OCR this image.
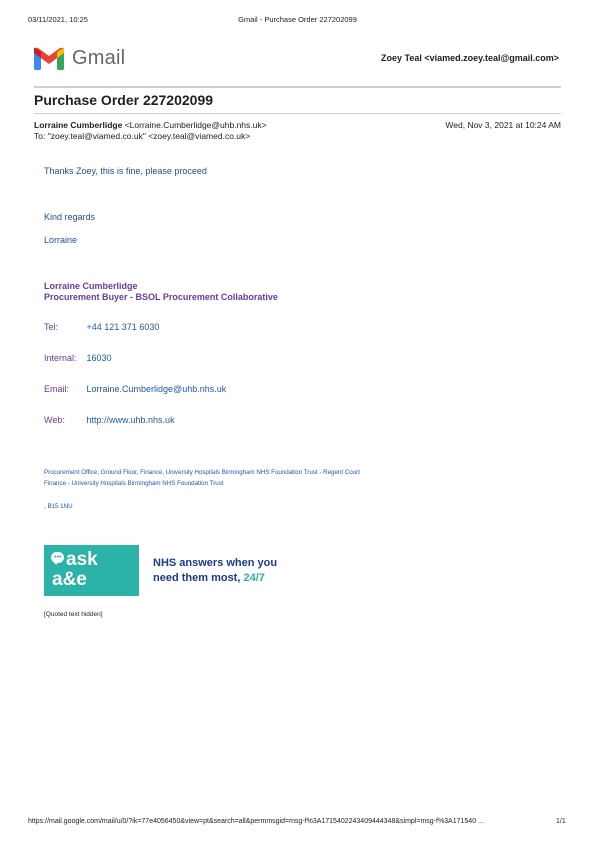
03/11/2021, 10:25	Gmail - Purchase Order 227202099
Gmail	Zoey Teal <viamed.zoey.teal@gmail.com>
Purchase Order 227202099
Lorraine Cumberlidge <Lorraine.Cumberlidge@uhb.nhs.uk>
To: "zoey.teal@viamed.co.uk" <zoey.teal@viamed.co.uk>
Wed, Nov 3, 2021 at 10:24 AM
Thanks Zoey, this is fine, please proceed
Kind regards
Lorraine
Lorraine Cumberlidge
Procurement Buyer - BSOL Procurement Collaborative
Tel:	+44 121 371 6030
Internal: 16030
Email: Lorraine.Cumberlidge@uhb.nhs.uk
Web: http://www.uhb.nhs.uk
Procurement Office, Ground Floor, Finance, University Hospitals Birmingham NHS Foundation Trust - Regent Court
Finance - University Hospitals Birmingham NHS Foundation Trust
, B15 1NU
••• ask
a&e
NHS answers when you
need them most, 24/7
[Quoted text hidden]
https://mail.google.com/mail/u/0/?ik=77e4056450&view=pt&search=all&permmsgid=msg-f%3A1715402243409444348&simpl=msg-f%3A171540 ...	1/1
